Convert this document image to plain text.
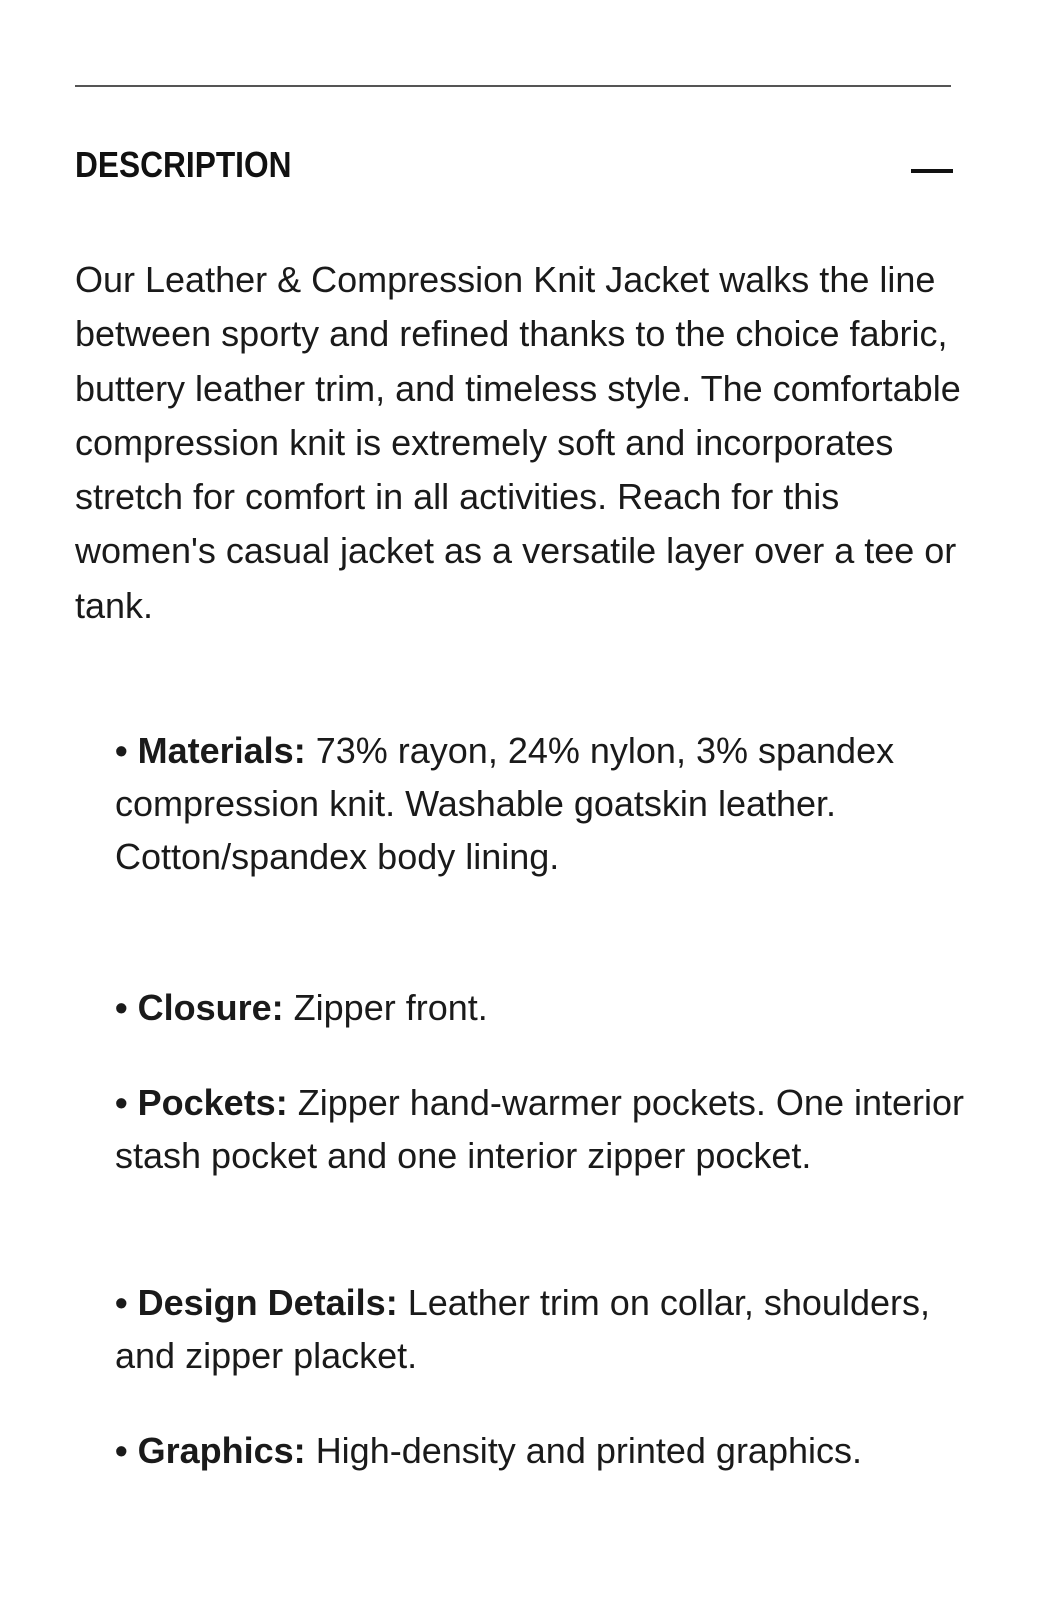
DESCRIPTION

Our Leather & Compression Knit Jacket walks the line between sporty and refined thanks to the choice fabric, buttery leather trim, and timeless style. The comfortable compression knit is extremely soft and incorporates stretch for comfort in all activities. Reach for this women's casual jacket as a versatile layer over a tee or tank.

• Materials: 73% rayon, 24% nylon, 3% spandex compression knit. Washable goatskin leather. Cotton/spandex body lining.
• Closure: Zipper front.
• Pockets: Zipper hand-warmer pockets. One interior stash pocket and one interior zipper pocket.
• Design Details: Leather trim on collar, shoulders, and zipper placket.
• Graphics: High-density and printed graphics.
